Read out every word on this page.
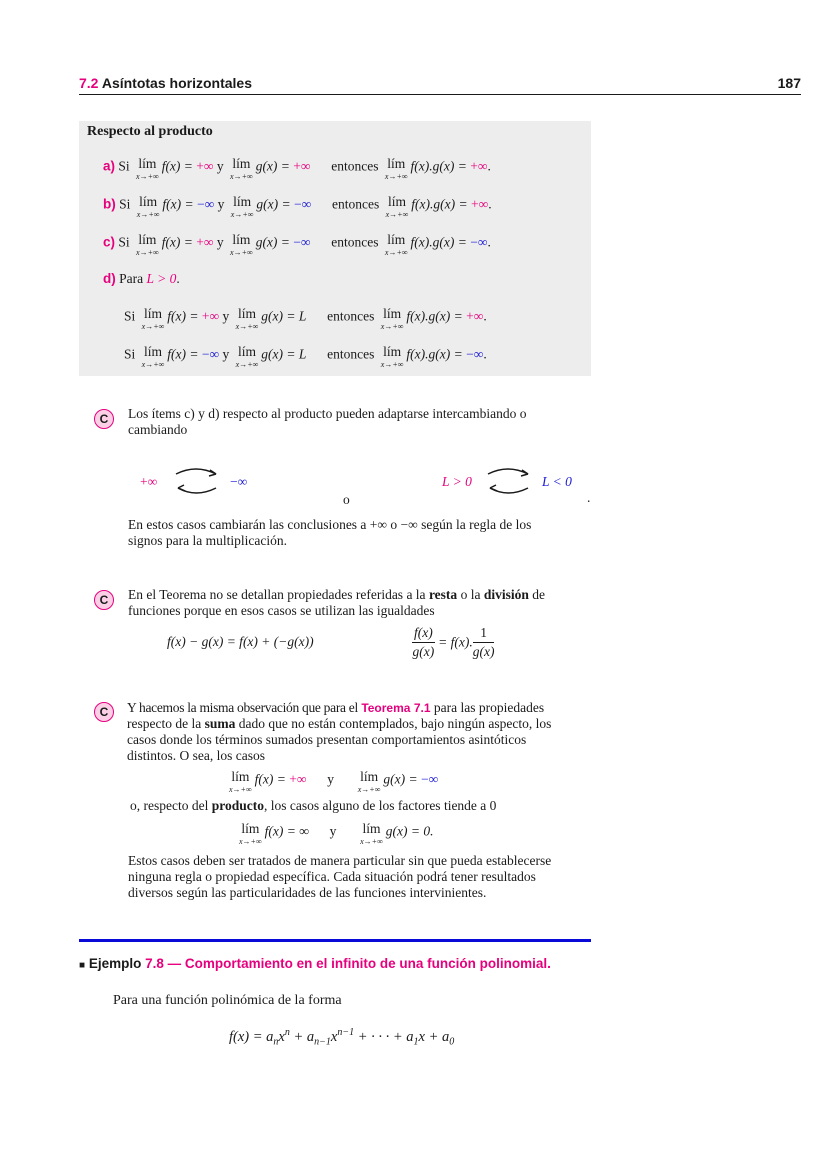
7.2 Asíntotas horizontales	187
Respecto al producto
a) Si lím
x→+∞
f(x) = +∞ y lím
x→+∞
g(x) = +∞ entonces lím
x→+∞
f(x).g(x) = +∞.
b) Si lím
x→+∞
f(x) = −∞ y lím
x→+∞
g(x) = −∞ entonces lím
x→+∞
f(x).g(x) = +∞.
c) Si lím
x→+∞
f(x) = +∞ y lím
x→+∞
g(x) = −∞ entonces lím
x→+∞
f(x).g(x) = −∞.
d) Para L > 0.
Si lím
x→+∞
f(x) = +∞ y lím
x→+∞
g(x) = L entonces lím
x→+∞
f(x).g(x) = +∞.
Si lím
x→+∞
f(x) = −∞ y lím
x→+∞
g(x) = L entonces lím
x→+∞
f(x).g(x) = −∞.
C	Los ítems c) y d) respecto al producto pueden adaptarse intercambiando o cambiando
+∞	−∞
o
L > 0	L < 0
.
En estos casos cambiarán las conclusiones a +∞ o −∞ según la regla de los signos para la multiplicación.
C	En el Teorema no se detallan propiedades referidas a la resta o la división de funciones porque en esos casos se utilizan las igualdades
f(x) − g(x) = f(x) + (−g(x))	$\frac{f(x)}{g(x)} = f(x)$. $\frac{1}{g(x)}$
C	Y hacemos la misma observación que para el Teorema 7.1 para las propiedades respecto de la suma dado que no están contemplados, bajo ningún aspecto, los casos donde los términos sumados presentan comportamientos asintóticos distintos. O sea, los casos
lím
x→+∞
f(x) = +∞ y lím
x→+∞
g(x) = −∞
o, respecto del producto, los casos alguno de los factores tiende a 0
lím
x→+∞
f(x) = ∞ y lím
x→+∞
g(x) = 0.
Estos casos deben ser tratados de manera particular sin que pueda establecerse ninguna regla o propiedad específica. Cada situación podrá tener resultados diversos según las particularidades de las funciones intervinientes.
■ Ejemplo 7.8 — Comportamiento en el infinito de una función polinomial.
Para una función polinómica de la forma
$f(x) = a_nx^n + a_{n-1}x^{n-1}$ + · · · + $a_1x + a_0$
